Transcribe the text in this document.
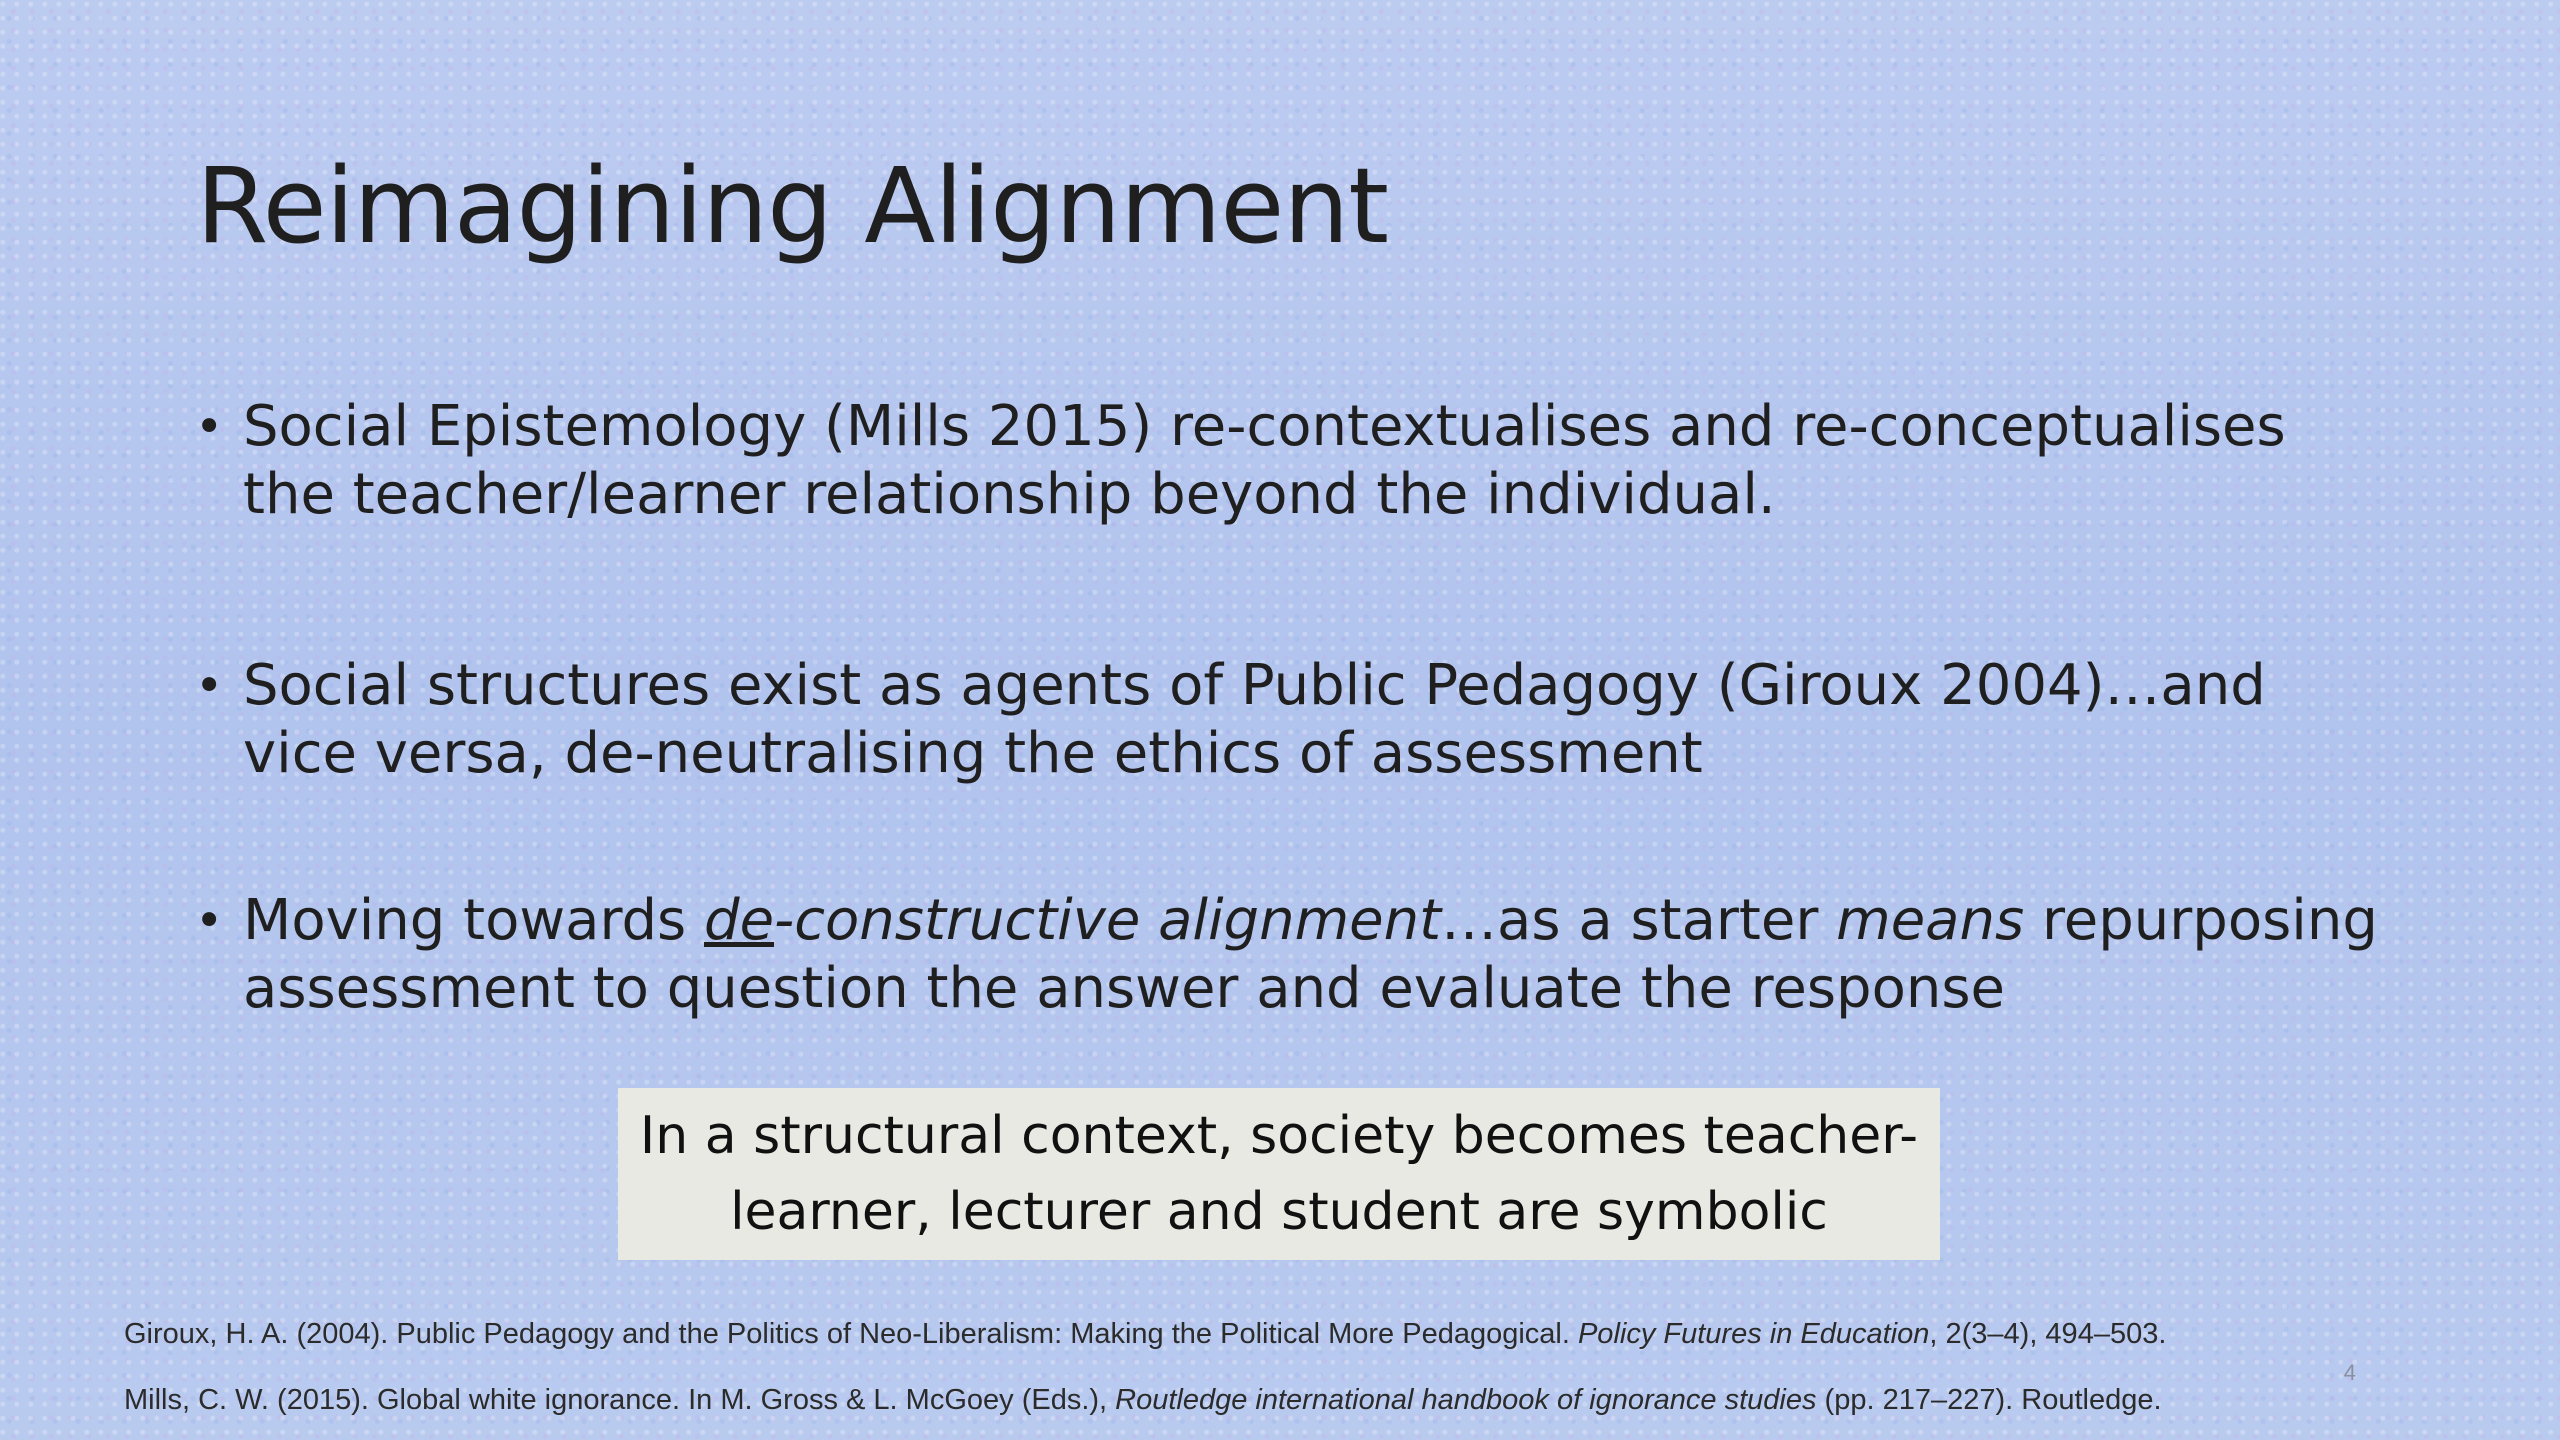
Reimagining Alignment
• Social Epistemology (Mills 2015) re-contextualises and re-conceptualises the teacher/learner relationship beyond the individual.
• Social structures exist as agents of Public Pedagogy (Giroux 2004)…and vice versa, de-neutralising the ethics of assessment
• Moving towards de-constructive alignment…as a starter means repurposing assessment to question the answer and evaluate the response
In a structural context, society becomes teacher-
learner, lecturer and student are symbolic
Giroux, H. A. (2004). Public Pedagogy and the Politics of Neo-Liberalism: Making the Political More Pedagogical. Policy Futures in Education, 2(3–4), 494–503.
Mills, C. W. (2015). Global white ignorance. In M. Gross & L. McGoey (Eds.), Routledge international handbook of ignorance studies (pp. 217–227). Routledge.
4
